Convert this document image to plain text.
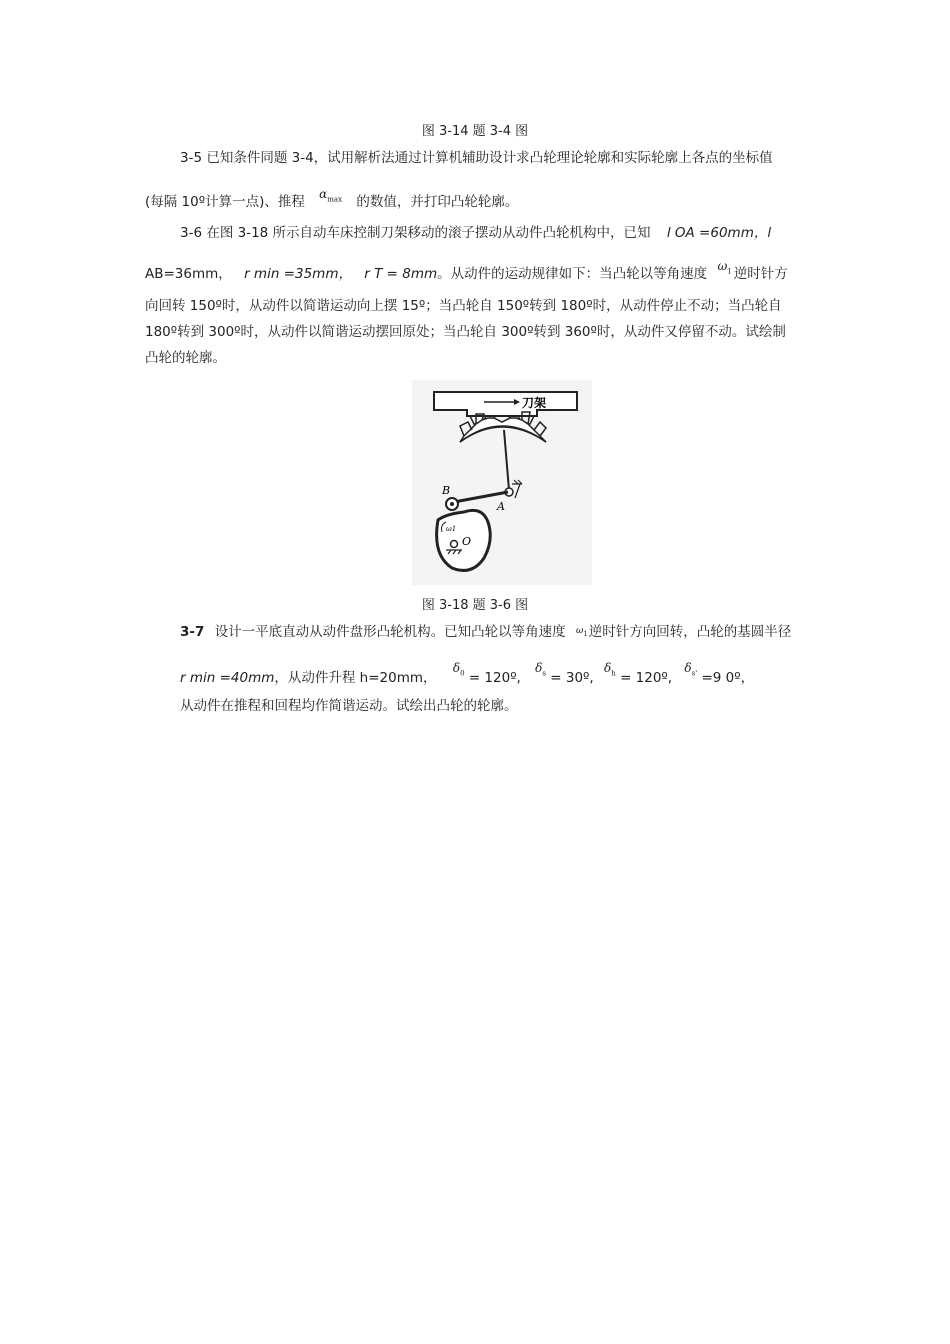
图 3-14 题 3-4 图
3-5 已知条件同题 3-4，试用解析法通过计算机辅助设计求凸轮理论轮廓和实际轮廓上各点的坐标值
(每隔 10º计算一点)、推程 $\alpha_{max}$ 的数值，并打印凸轮轮廓。
3-6 在图 3-18 所示自动车床控制刀架移动的滚子摆动从动件凸轮机构中，已知 l OA =60mm，l
AB=36mm， r min =35mm， r T = 8mm。从动件的运动规律如下：当凸轮以等角速度 $\omega_1$ 逆时针方
向回转 150º时，从动件以简谐运动向上摆 15º；当凸轮自 150º转到 180º时，从动件停止不动；当凸轮自
180º转到 300º时，从动件以简谐运动摆回原处；当凸轮自 300º转到 360º时，从动件又停留不动。试绘制
凸轮的轮廓。
刀架
A
B
O
ω1
图 3-18 题 3-6 图
3-7 设计一平底直动从动件盘形凸轮机构。已知凸轮以等角速度 $\omega_1$逆时针方向回转，凸轮的基圆半径
r min =40mm，从动件升程 h=20mm， $\delta_0$ = 120º, $\delta_s$ = 30º, $\delta_h$ = 120º, $\delta_{s'} =9$ 0º，
从动件在推程和回程均作简谐运动。试绘出凸轮的轮廓。
